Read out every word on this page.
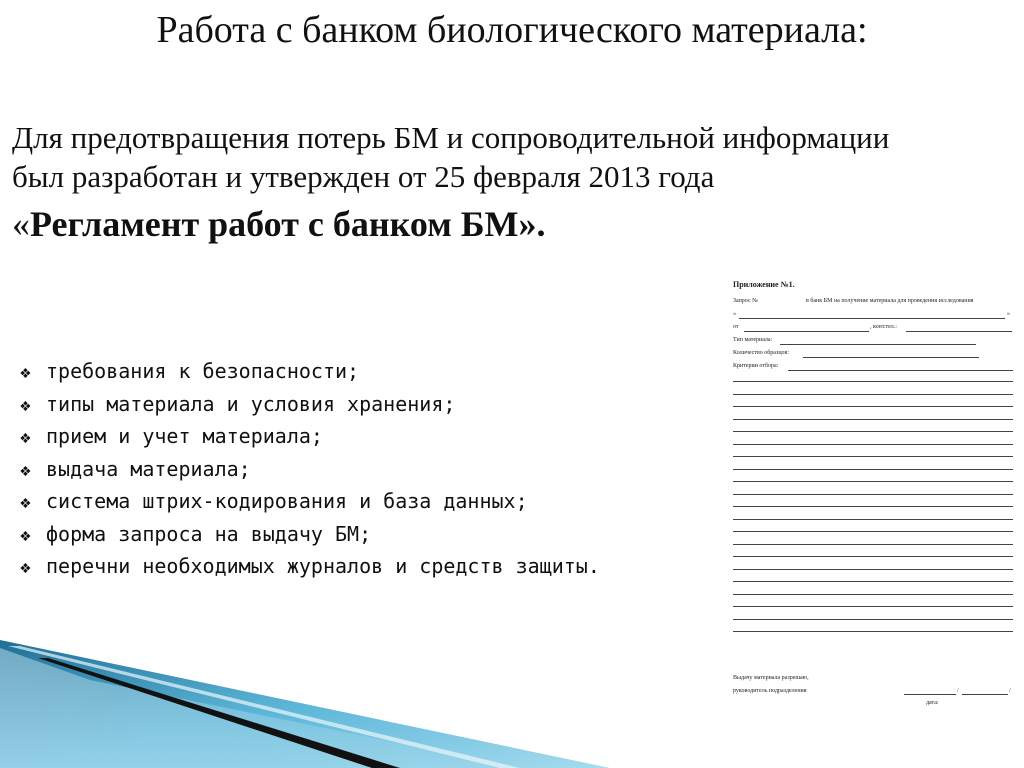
Работа с банком биологического материала:
Для предотвращения потерь БМ и сопроводительной информации
был разработан и утвержден от 25 февраля 2013 года
«Регламент работ с банком БМ».
❖ требования к безопасности;
❖ типы материала и условия хранения;
❖ прием и учет материала;
❖ выдача материала;
❖ система штрих-кодирования и база данных;
❖ форма запроса на выдачу БМ;
❖ перечни необходимых журналов и средств защиты.
Приложение №1.
Запрос №	в банк БМ на получение материала для проведения исследования
«	»
от	, конт.тел.:
Тип материала:
Количество образцов:
Критерии отбора:
Выдачу материала разрешаю,
руководитель подразделения	/	/
дата:
